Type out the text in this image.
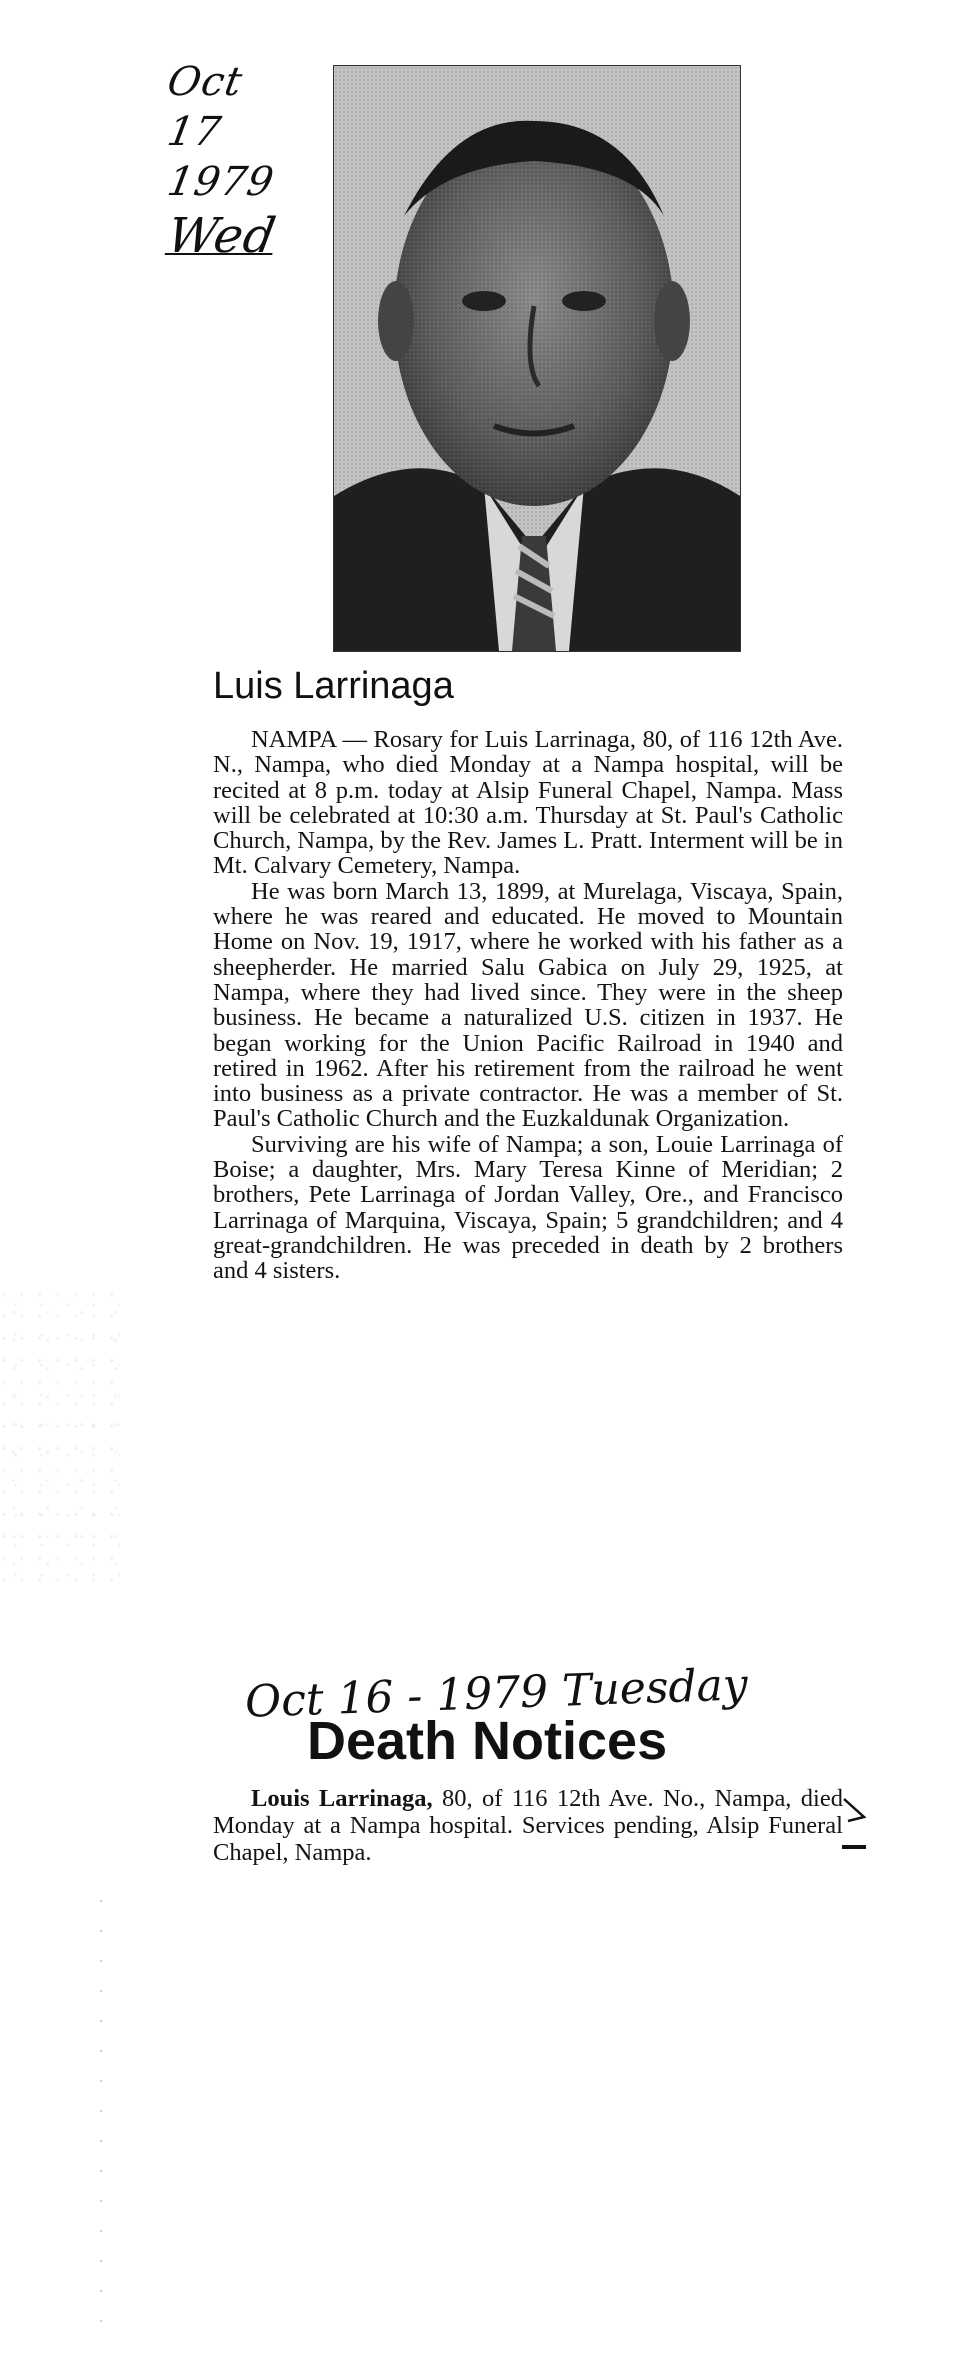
Oct
17
1979
Wed
Luis Larrinaga

NAMPA — Rosary for Luis Larrinaga, 80, of 116 12th Ave. N., Nampa, who died Monday at a Nampa hospital, will be recited at 8 p.m. today at Alsip Funeral Chapel, Nampa. Mass will be celebrated at 10:30 a.m. Thursday at St. Paul's Catholic Church, Nampa, by the Rev. James L. Pratt. Interment will be in Mt. Calvary Cemetery, Nampa.

He was born March 13, 1899, at Murelaga, Viscaya, Spain, where he was reared and educated. He moved to Mountain Home on Nov. 19, 1917, where he worked with his father as a sheepherder. He married Salu Gabica on July 29, 1925, at Nampa, where they had lived since. They were in the sheep business. He became a naturalized U.S. citizen in 1937. He began working for the Union Pacific Railroad in 1940 and retired in 1962. After his retirement from the railroad he went into business as a private contractor. He was a member of St. Paul's Catholic Church and the Euzkaldunak Organization.

Surviving are his wife of Nampa; a son, Louie Larrinaga of Boise; a daughter, Mrs. Mary Teresa Kinne of Meridian; 2 brothers, Pete Larrinaga of Jordan Valley, Ore., and Francisco Larrinaga of Marquina, Viscaya, Spain; 5 grandchildren; and 4 great-grandchildren. He was preceded in death by 2 brothers and 4 sisters.

Oct 16 - 1979 Tuesday
Death Notices

Louis Larrinaga, 80, of 116 12th Ave. No., Nampa, died Monday at a Nampa hospital. Services pending, Alsip Funeral Chapel, Nampa.
